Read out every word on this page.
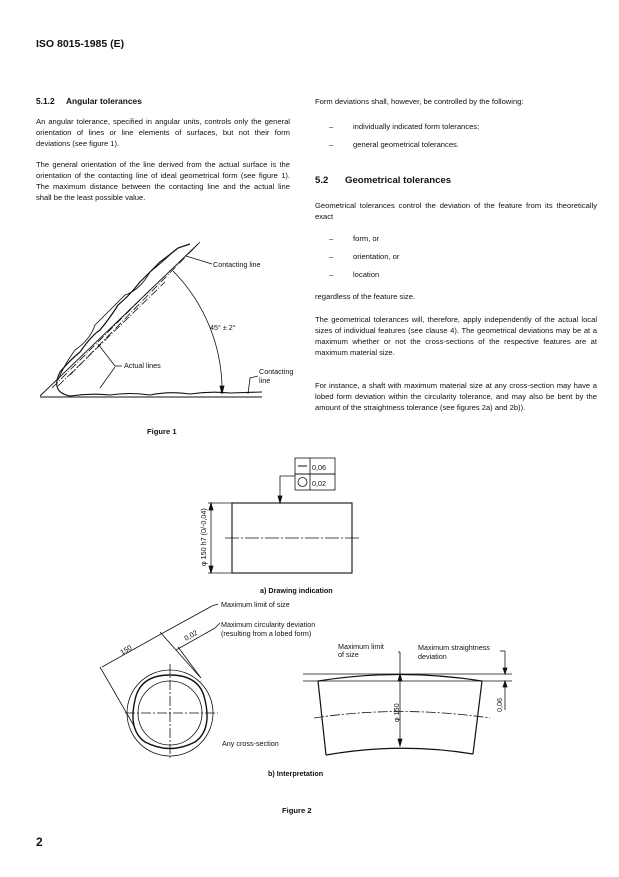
ISO 8015-1985 (E)
5.1.2 Angular tolerances
An angular tolerance, specified in angular units, controls only the general orientation of lines or line elements of surfaces, but not their form deviations (see figure 1).
The general orientation of the line derived from the actual surface is the orientation of the contacting line of ideal geometrical form (see figure 1). The maximum distance between the contacting line and the actual line shall be the least possible value.
Form deviations shall, however, be controlled by the following:
–	individually indicated form tolerances;
–	general geometrical tolerances.
5.2 Geometrical tolerances
Geometrical tolerances control the deviation of the feature from its theoretically exact
–	form, or
–	orientation, or
–	location
regardless of the feature size.
The geometrical tolerances will, therefore, apply independently of the actual local sizes of individual features (see clause 4). The geometrical deviations may be at a maximum whether or not the cross-sections of the respective features are at maximum material size.
For instance, a shaft with maximum material size at any cross-section may have a lobed form deviation within the circularity tolerance, and may also be bent by the amount of the straightness tolerance (see figures 2a) and 2b)).
Figure 1
Contacting line
45° ± 2°
Actual lines
Contacting
line
0,06
0,02
φ 150 h7 (0/-0,04)
a) Drawing indication
150
0,02
Maximum limit of size
Maximum circularity deviation
(resulting from a lobed form)
Any cross-section
φ 150
Maximum limit
of size
Maximum straightness
deviation
0,06
b) Interpretation
Figure 2
2
